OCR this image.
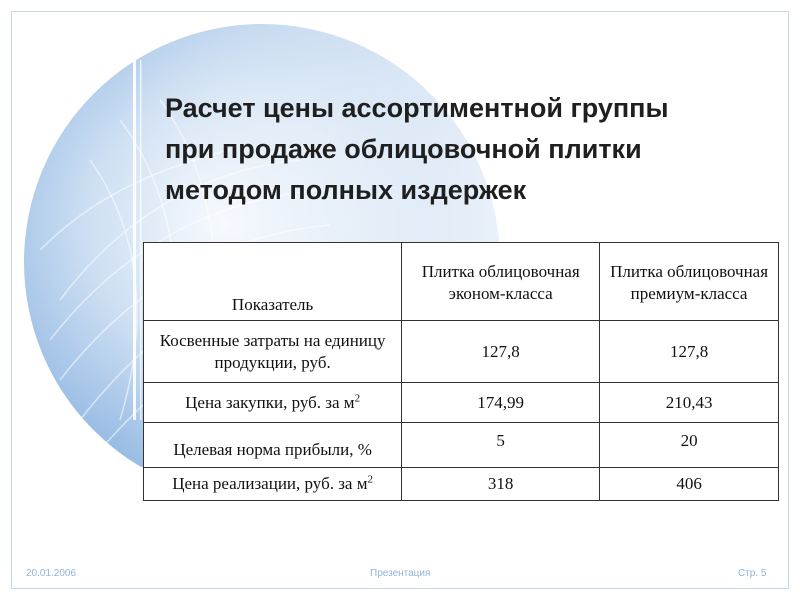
Расчет цены ассортиментной группы
при продаже облицовочной плитки
методом полных издержек
Показатель	Плитка облицовочная эконом-класса	Плитка облицовочная премиум-класса
Косвенные затраты на единицу продукции, руб.	127,8	127,8
Цена закупки, руб. за $м^2$	174,99	210,43
Целевая норма прибыли, %	5	20
Цена реализации, руб. за $м^2$	318	406
20.01.2006	Презентация	Стр. 5
